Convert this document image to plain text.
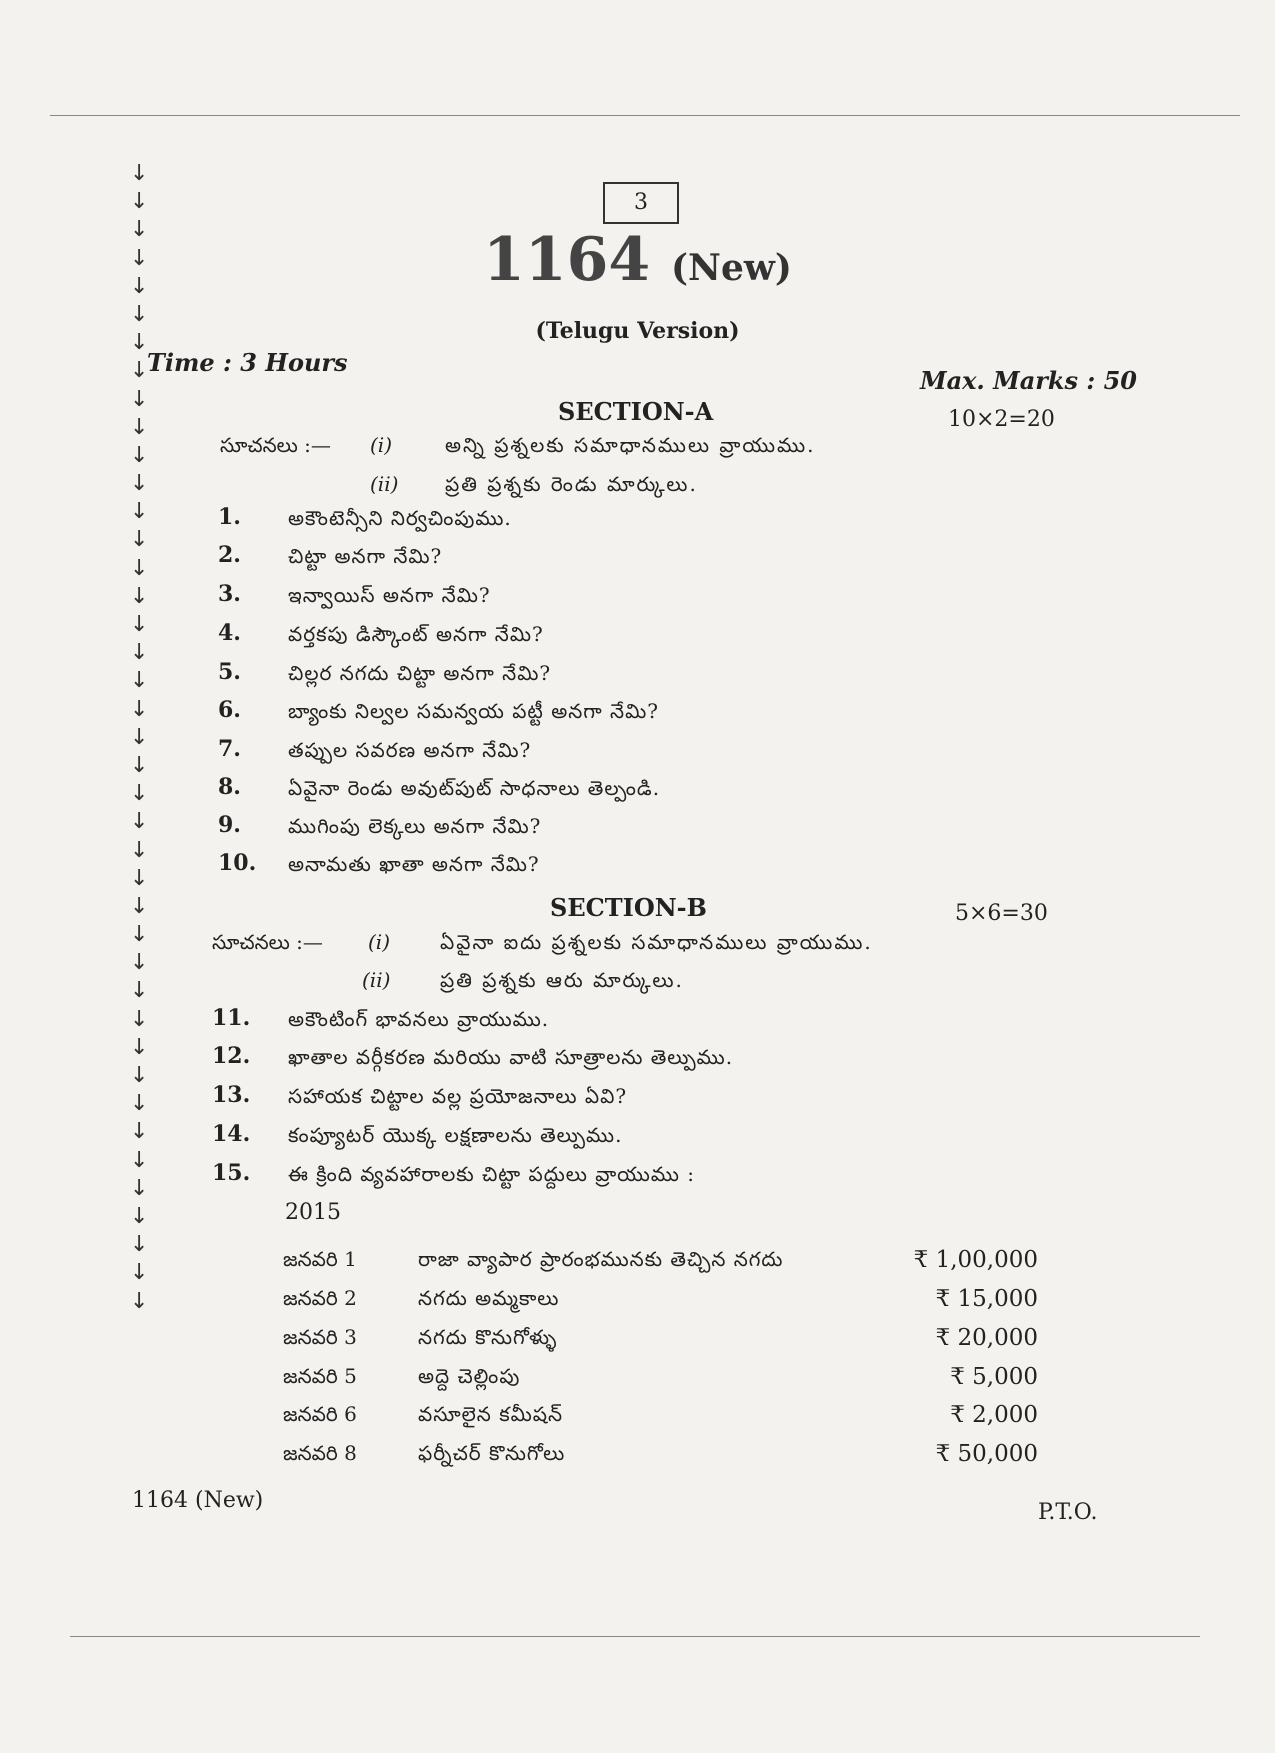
↓
↓
↓
↓
↓
↓
↓
↓
↓
↓
↓
↓
↓
↓
↓
↓
↓
↓
↓
↓
↓
↓
↓
↓
↓
↓
↓
↓
↓
↓
↓
↓
↓
↓
↓
↓
↓
↓
↓
↓
↓
3
1164 (New)
(Telugu Version)
Time : 3 Hours
Max. Marks : 50
SECTION-A	10×2=20
సూచనలు :— (i)	అన్ని ప్రశ్నలకు సమాధానములు వ్రాయుము.
(ii) ప్రతి ప్రశ్నకు రెండు మార్కులు.
1. అకౌంటెన్సీని నిర్వచింపుము.
2. చిట్టా అనగా నేమి?
3. ఇన్వాయిస్ అనగా నేమి?
4. వర్తకపు డిస్కౌంట్ అనగా నేమి?
5. చిల్లర నగదు చిట్టా అనగా నేమి?
6. బ్యాంకు నిల్వల సమన్వయ పట్టీ అనగా నేమి?
7. తప్పుల సవరణ అనగా నేమి?
8. ఏవైనా రెండు అవుట్‌పుట్ సాధనాలు తెల్పండి.
9. ముగింపు లెక్కలు అనగా నేమి?
10. అనామతు ఖాతా అనగా నేమి?
SECTION-B	5×6=30
సూచనలు :— (i) ఏవైనా ఐదు ప్రశ్నలకు సమాధానములు వ్రాయుము.
(ii) ప్రతి ప్రశ్నకు ఆరు మార్కులు.
11. అకౌంటింగ్ భావనలు వ్రాయుము.
12. ఖాతాల వర్గీకరణ మరియు వాటి సూత్రాలను తెల్పుము.
13. సహాయక చిట్టాల వల్ల ప్రయోజనాలు ఏవి?
14. కంప్యూటర్ యొక్క లక్షణాలను తెల్పుము.
15. ఈ క్రింది వ్యవహారాలకు చిట్టా పద్దులు వ్రాయుము :
2015
జనవరి 1	రాజా వ్యాపార ప్రారంభమునకు తెచ్చిన నగదు	₹ 1,00,000
జనవరి 2	నగదు అమ్మకాలు	₹ 15,000
జనవరి 3	నగదు కొనుగోళ్ళు	₹ 20,000
జనవరి 5	అద్దె చెల్లింపు	₹ 5,000
జనవరి 6	వసూలైన కమీషన్	₹ 2,000
జనవరి 8	ఫర్నీచర్ కొనుగోలు	₹ 50,000
1164 (New)	P.T.O.
